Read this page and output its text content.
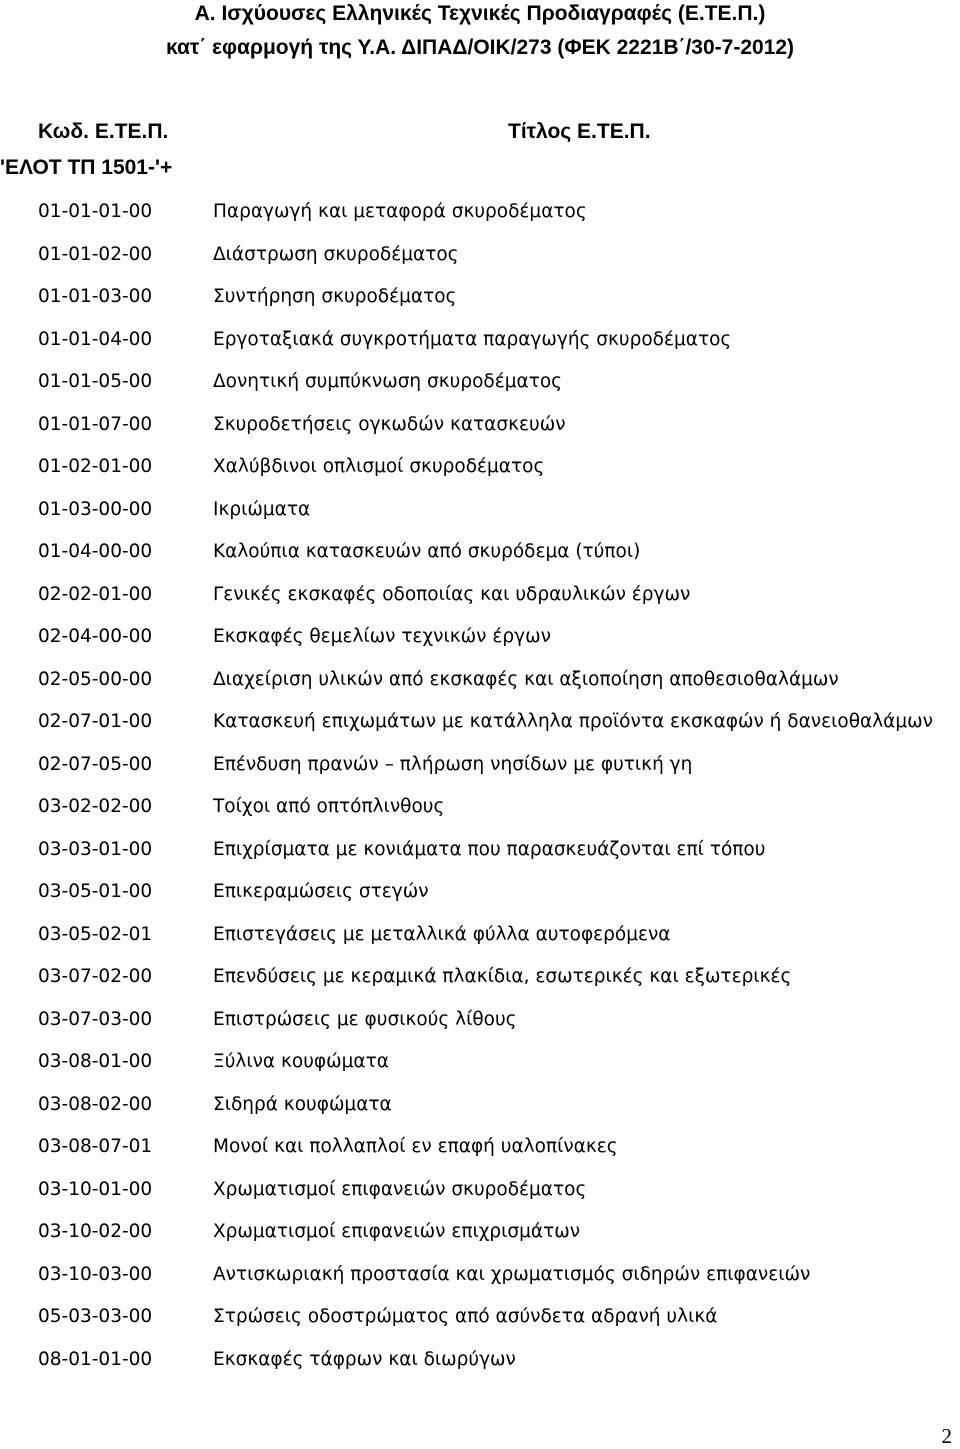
Α. Ισχύουσες Ελληνικές Τεχνικές Προδιαγραφές (Ε.ΤΕ.Π.)
κατ΄ εφαρμογή της Υ.Α. ΔΙΠΑΔ/ΟΙΚ/273 (ΦΕΚ 2221Β΄/30-7-2012)
Κωδ. Ε.ΤΕ.Π.	Τίτλος Ε.ΤΕ.Π.
'ΕΛΟΤ ΤΠ 1501-'+
01-01-01-00	Παραγωγή και μεταφορά σκυροδέματος
01-01-02-00	Διάστρωση σκυροδέματος
01-01-03-00	Συντήρηση σκυροδέματος
01-01-04-00	Εργοταξιακά συγκροτήματα παραγωγής σκυροδέματος
01-01-05-00	Δονητική συμπύκνωση σκυροδέματος
01-01-07-00	Σκυροδετήσεις ογκωδών κατασκευών
01-02-01-00	Χαλύβδινοι οπλισμοί σκυροδέματος
01-03-00-00	Ικριώματα
01-04-00-00	Καλούπια κατασκευών από σκυρόδεμα (τύποι)
02-02-01-00	Γενικές εκσκαφές οδοποιίας και υδραυλικών έργων
02-04-00-00	Εκσκαφές θεμελίων τεχνικών έργων
02-05-00-00	Διαχείριση υλικών από εκσκαφές και αξιοποίηση αποθεσιοθαλάμων
02-07-01-00	Κατασκευή επιχωμάτων με κατάλληλα προϊόντα εκσκαφών ή δανειοθαλάμων
02-07-05-00	Επένδυση πρανών – πλήρωση νησίδων με φυτική γη
03-02-02-00	Τοίχοι από οπτόπλινθους
03-03-01-00	Επιχρίσματα με κονιάματα που παρασκευάζονται επί τόπου
03-05-01-00	Επικεραμώσεις στεγών
03-05-02-01	Επιστεγάσεις με μεταλλικά φύλλα αυτοφερόμενα
03-07-02-00	Επενδύσεις με κεραμικά πλακίδια, εσωτερικές και εξωτερικές
03-07-03-00	Επιστρώσεις με φυσικούς λίθους
03-08-01-00	Ξύλινα κουφώματα
03-08-02-00	Σιδηρά κουφώματα
03-08-07-01	Μονοί και πολλαπλοί εν επαφή υαλοπίνακες
03-10-01-00	Χρωματισμοί επιφανειών σκυροδέματος
03-10-02-00	Χρωματισμοί επιφανειών επιχρισμάτων
03-10-03-00	Αντισκωριακή προστασία και χρωματισμός σιδηρών επιφανειών
05-03-03-00	Στρώσεις οδοστρώματος από ασύνδετα αδρανή υλικά
08-01-01-00	Εκσκαφές τάφρων και διωρύγων
2
